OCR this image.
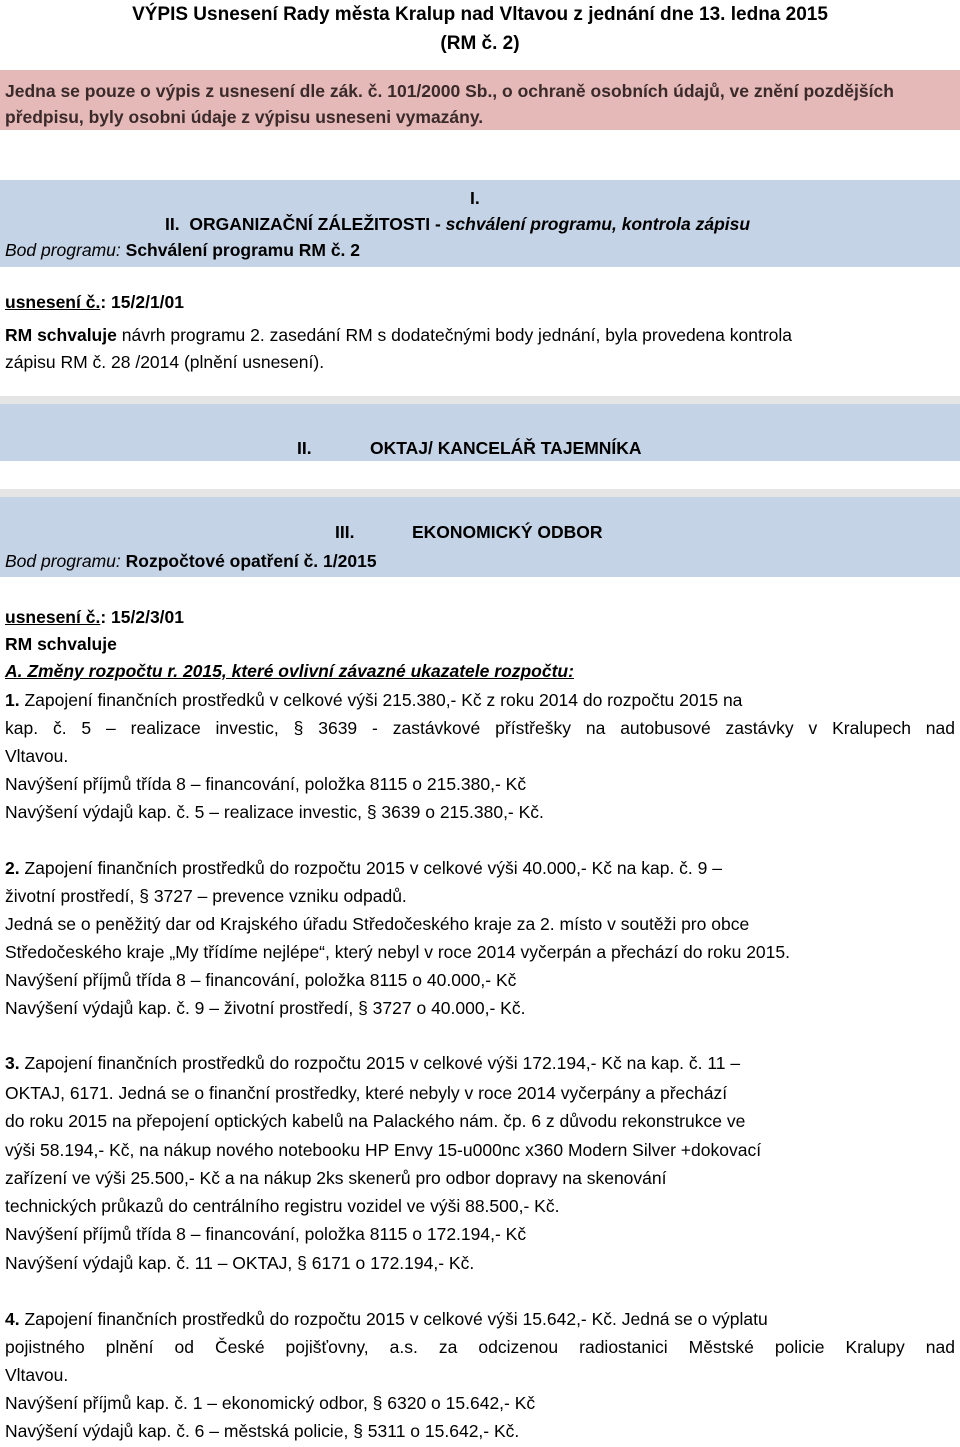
VÝPIS Usnesení Rady města Kralup nad Vltavou z jednání dne 13. ledna 2015
(RM č. 2)
Jedna se pouze o výpis z usnesení dle zák. č. 101/2000 Sb., o ochraně osobních údajů, ve znění pozdějších
předpisu, byly osobni údaje z výpisu usneseni vymazány.
I.
II. ORGANIZAČNÍ ZÁLEŽITOSTI - schválení programu, kontrola zápisu
Bod programu: Schválení programu RM č. 2
usnesení č.: 15/2/1/01
RM schvaluje návrh programu 2. zasedání RM s dodatečnými body jednání, byla provedena kontrola
zápisu RM č. 28 /2014 (plnění usnesení).
II.	OKTAJ/ KANCELÁŘ TAJEMNÍKA
III.	EKONOMICKÝ ODBOR
Bod programu: Rozpočtové opatření č. 1/2015
usnesení č.: 15/2/3/01
RM schvaluje
A. Změny rozpočtu r. 2015, které ovlivní závazné ukazatele rozpočtu:
1. Zapojení finančních prostředků v celkové výši 215.380,- Kč z roku 2014 do rozpočtu 2015 na
kap. č. 5 – realizace investic, § 3639 - zastávkové přístřešky na autobusové zastávky v Kralupech nad
Vltavou.
Navýšení příjmů třída 8 – financování, položka 8115 o 215.380,- Kč
Navýšení výdajů kap. č. 5 – realizace investic, § 3639 o 215.380,- Kč.
2. Zapojení finančních prostředků do rozpočtu 2015 v celkové výši 40.000,- Kč na kap. č. 9 –
životní prostředí, § 3727 – prevence vzniku odpadů.
Jedná se o peněžitý dar od Krajského úřadu Středočeského kraje za 2. místo v soutěži pro obce
Středočeského kraje „My třídíme nejlépe“, který nebyl v roce 2014 vyčerpán a přechází do roku 2015.
Navýšení příjmů třída 8 – financování, položka 8115 o 40.000,- Kč
Navýšení výdajů kap. č. 9 – životní prostředí, § 3727 o 40.000,- Kč.
3. Zapojení finančních prostředků do rozpočtu 2015 v celkové výši 172.194,- Kč na kap. č. 11 –
OKTAJ, 6171. Jedná se o finanční prostředky, které nebyly v roce 2014 vyčerpány a přechází
do roku 2015 na přepojení optických kabelů na Palackého nám. čp. 6 z důvodu rekonstrukce ve
výši 58.194,- Kč, na nákup nového notebooku HP Envy 15-u000nc x360 Modern Silver +dokovací
zařízení ve výši 25.500,- Kč a na nákup 2ks skenerů pro odbor dopravy na skenování
technických průkazů do centrálního registru vozidel ve výši 88.500,- Kč.
Navýšení příjmů třída 8 – financování, položka 8115 o 172.194,- Kč
Navýšení výdajů kap. č. 11 – OKTAJ, § 6171 o 172.194,- Kč.
4. Zapojení finančních prostředků do rozpočtu 2015 v celkové výši 15.642,- Kč. Jedná se o výplatu
pojistného plnění od České pojišťovny, a.s. za odcizenou radiostanici Městské policie Kralupy nad
Vltavou.
Navýšení příjmů kap. č. 1 – ekonomický odbor, § 6320 o 15.642,- Kč
Navýšení výdajů kap. č. 6 – městská policie, § 5311 o 15.642,- Kč.
